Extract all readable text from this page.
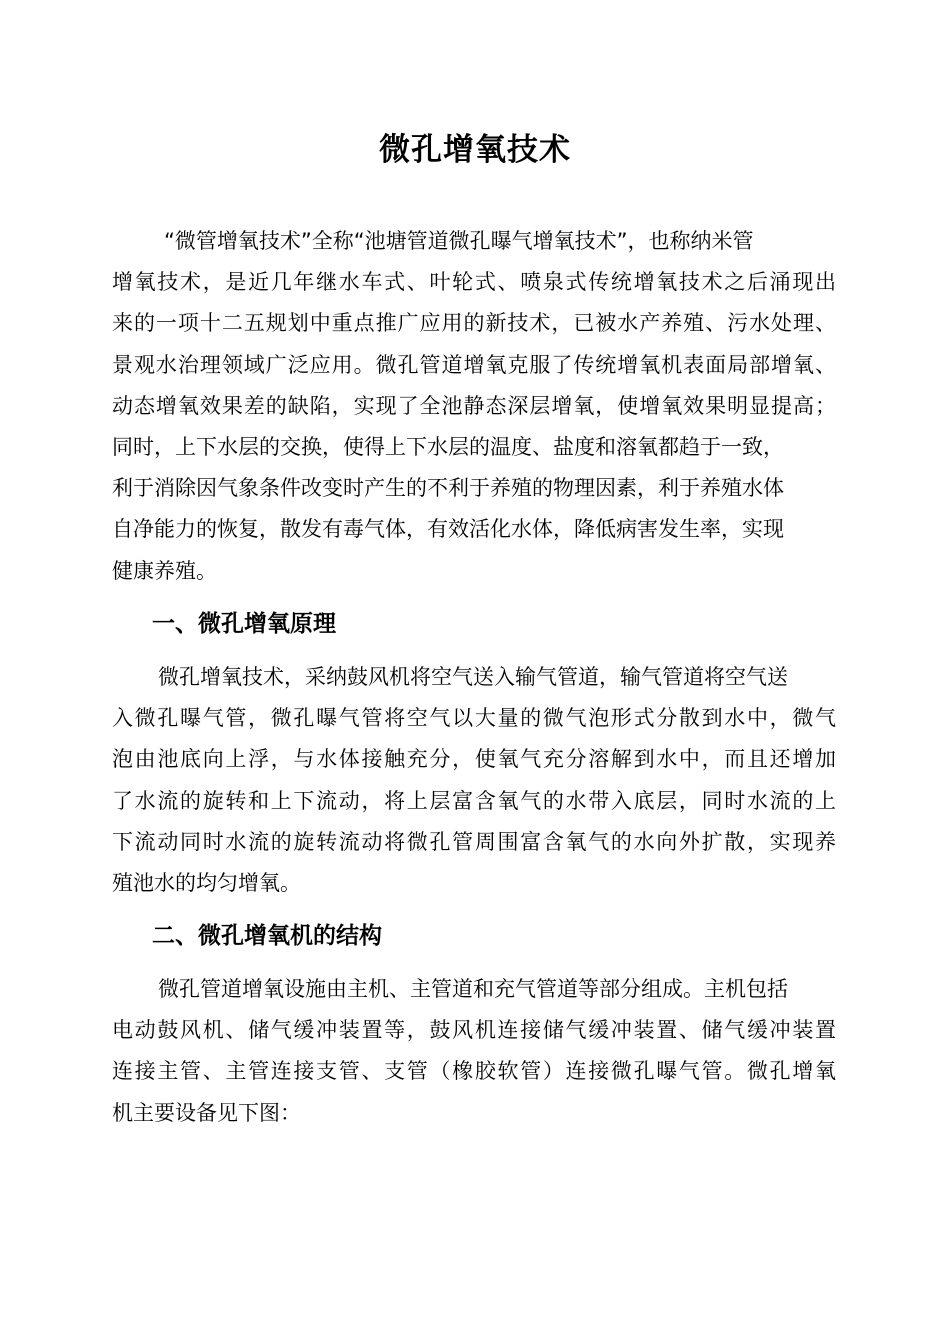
微孔增氧技术
“微管增氧技术”全称“池塘管道微孔曝气增氧技术”，也称纳米管
增氧技术，是近几年继水车式、叶轮式、喷泉式传统增氧技术之后涌现出
来的一项十二五规划中重点推广应用的新技术，已被水产养殖、污水处理、
景观水治理领域广泛应用。微孔管道增氧克服了传统增氧机表面局部增氧、
动态增氧效果差的缺陷，实现了全池静态深层增氧，使增氧效果明显提高；
同时，上下水层的交换，使得上下水层的温度、盐度和溶氧都趋于一致，
利于消除因气象条件改变时产生的不利于养殖的物理因素，利于养殖水体
自净能力的恢复，散发有毒气体，有效活化水体，降低病害发生率，实现
健康养殖。
一、微孔增氧原理
微孔增氧技术，采纳鼓风机将空气送入输气管道，输气管道将空气送
入微孔曝气管，微孔曝气管将空气以大量的微气泡形式分散到水中，微气
泡由池底向上浮，与水体接触充分，使氧气充分溶解到水中，而且还增加
了水流的旋转和上下流动，将上层富含氧气的水带入底层，同时水流的上
下流动同时水流的旋转流动将微孔管周围富含氧气的水向外扩散，实现养
殖池水的均匀增氧。
二、微孔增氧机的结构
微孔管道增氧设施由主机、主管道和充气管道等部分组成。主机包括
电动鼓风机、储气缓冲装置等，鼓风机连接储气缓冲装置、储气缓冲装置
连接主管、主管连接支管、支管（橡胶软管）连接微孔曝气管。微孔增氧
机主要设备见下图：
